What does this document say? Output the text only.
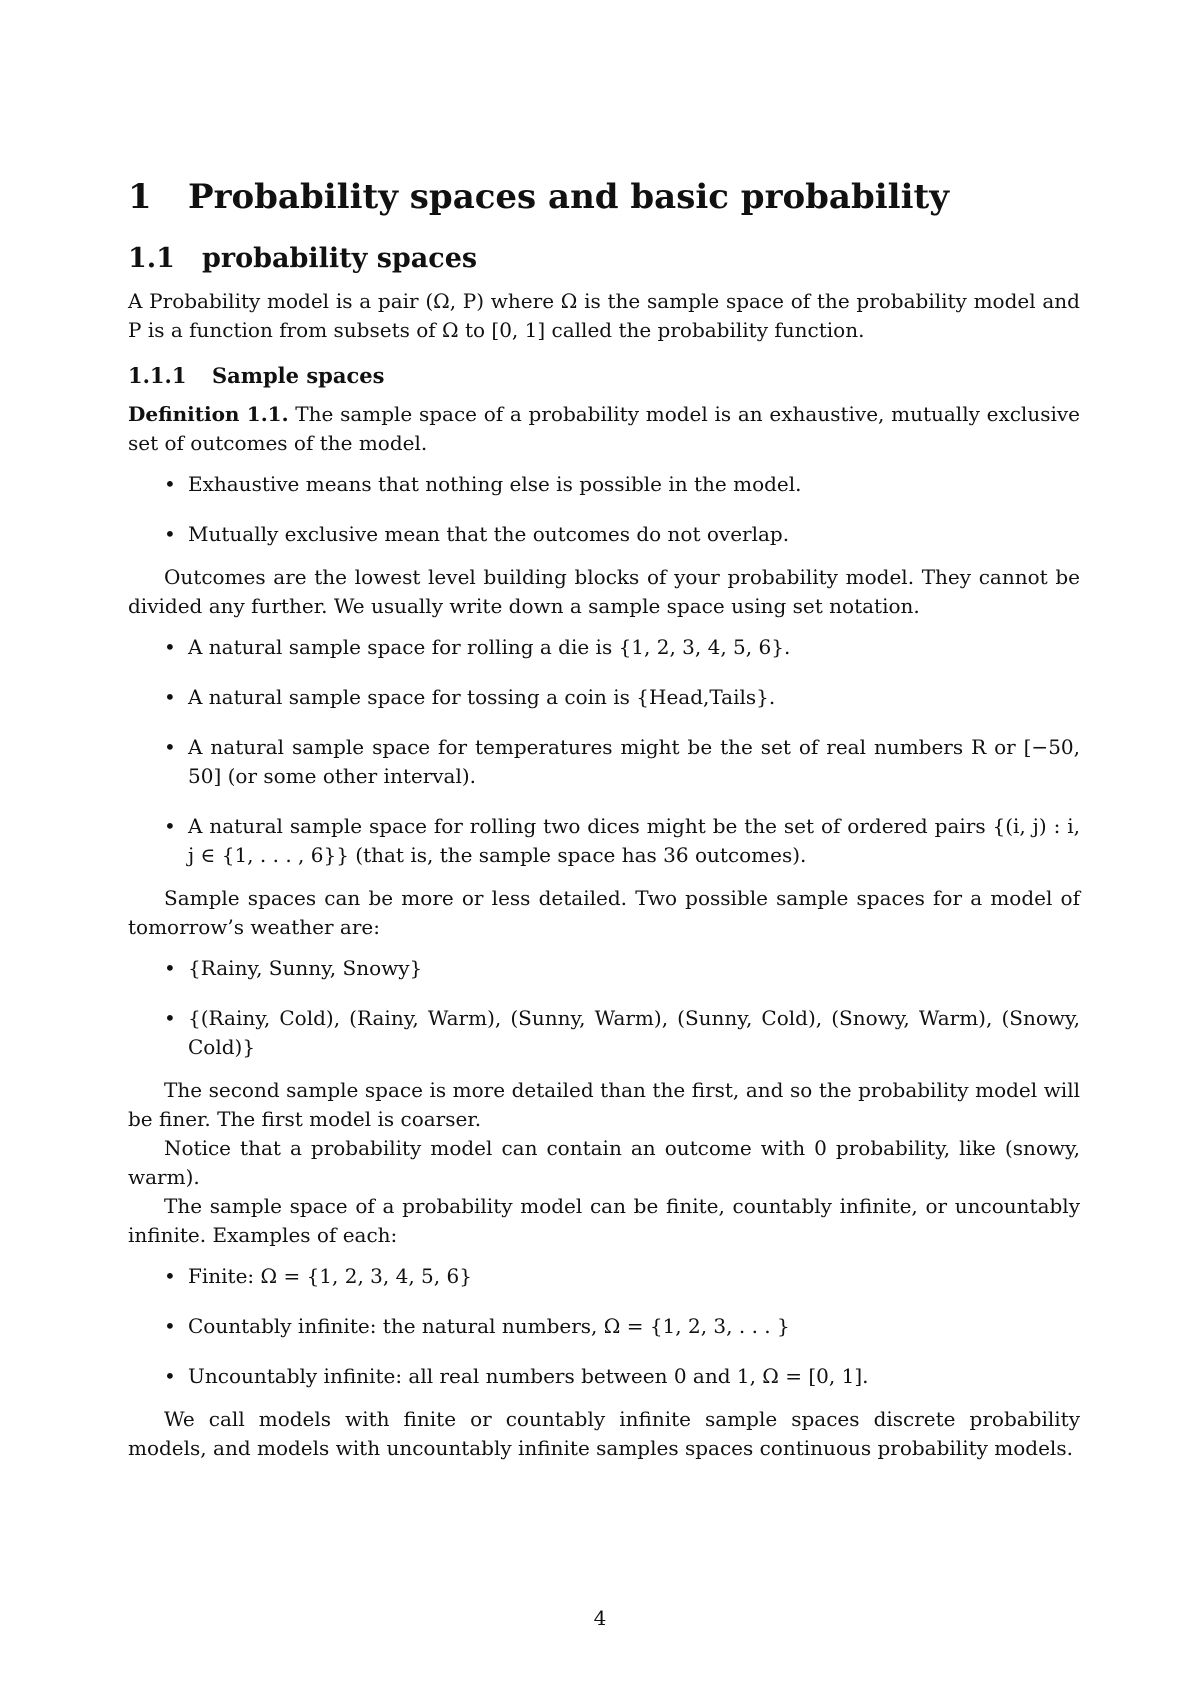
1 Probability spaces and basic probability
1.1 probability spaces

A Probability model is a pair (Ω, P) where Ω is the sample space of the probability model and P is a function from subsets of Ω to [0, 1] called the probability function.

1.1.1 Sample spaces

Definition 1.1. The sample space of a probability model is an exhaustive, mutually exclusive set of outcomes of the model.

• Exhaustive means that nothing else is possible in the model.
• Mutually exclusive mean that the outcomes do not overlap.

Outcomes are the lowest level building blocks of your probability model. They cannot be divided any further. We usually write down a sample space using set notation.

• A natural sample space for rolling a die is {1, 2, 3, 4, 5, 6}.
• A natural sample space for tossing a coin is {Head,Tails}.
• A natural sample space for temperatures might be the set of real numbers R or [−50, 50] (or some other interval).
• A natural sample space for rolling two dices might be the set of ordered pairs {(i, j) : i, j ∈ {1, . . . , 6}} (that is, the sample space has 36 outcomes).

Sample spaces can be more or less detailed. Two possible sample spaces for a model of tomorrow’s weather are:

• {Rainy, Sunny, Snowy}
• {(Rainy, Cold), (Rainy, Warm), (Sunny, Warm), (Sunny, Cold), (Snowy, Warm), (Snowy, Cold)}

The second sample space is more detailed than the first, and so the probability model will be finer. The first model is coarser.

Notice that a probability model can contain an outcome with 0 probability, like (snowy, warm).

The sample space of a probability model can be finite, countably infinite, or uncountably infinite. Examples of each:

• Finite: Ω = {1, 2, 3, 4, 5, 6}
• Countably infinite: the natural numbers, Ω = {1, 2, 3, . . . }
• Uncountably infinite: all real numbers between 0 and 1, Ω = [0, 1].

We call models with finite or countably infinite sample spaces discrete probability models, and models with uncountably infinite samples spaces continuous probability models.

4
